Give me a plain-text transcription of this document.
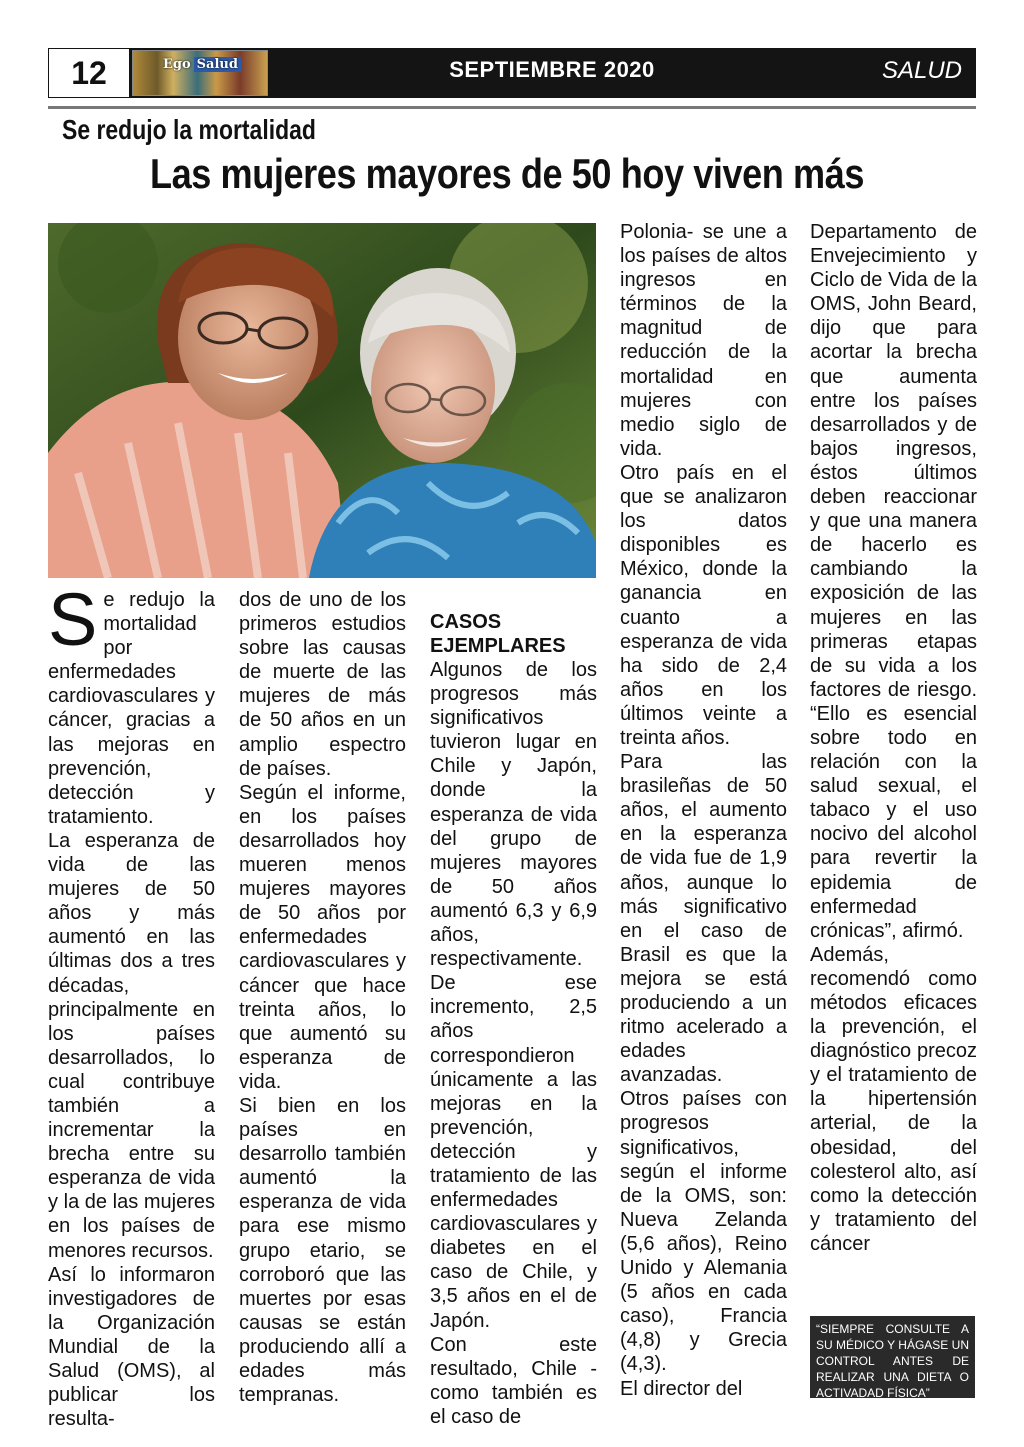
12	Ego Salud	SEPTIEMBRE 2020	SALUD
Se redujo la mortalidad
Las mujeres mayores de 50 hoy viven más

Se redujo la mortalidad por enfermedades cardiovasculares y cáncer, gracias a las mejoras en prevención, detección y tratamiento.

La esperanza de vida de las mujeres de 50 años y más aumentó en las últimas dos a tres décadas, principalmente en los países desarrollados, lo cual contribuye también a incrementar la brecha entre su esperanza de vida y la de las mujeres en los países de menores recursos.

Así lo informaron investigadores de la Organización Mundial de la Salud (OMS), al publicar los resulta-

dos de uno de los primeros estudios sobre las causas de muerte de las mujeres de más de 50 años en un amplio espectro de países.

Según el informe, en los países desarrollados hoy mueren menos mujeres mayores de 50 años por enfermedades cardiovasculares y cáncer que hace treinta años, lo que aumentó su esperanza de vida.

Si bien en los países en desarrollo también aumentó la esperanza de vida para ese mismo grupo etario, se corroboró que las muertes por esas causas se están produciendo allí a edades más tempranas.

CASOS EJEMPLARES

Algunos de los progresos más significativos tuvieron lugar en Chile y Japón, donde la esperanza de vida del grupo de mujeres mayores de 50 años aumentó 6,3 y 6,9 años, respectivamente.

De ese incremento, 2,5 años correspondieron únicamente a las mejoras en la prevención, detección y tratamiento de las enfermedades cardiovasculares y diabetes en el caso de Chile, y 3,5 años en el de Japón.

Con este resultado, Chile -como también es el caso de

Polonia- se une a los países de altos ingresos en términos de la magnitud de reducción de la mortalidad en mujeres con medio siglo de vida.

Otro país en el que se analizaron los datos disponibles es México, donde la ganancia en cuanto a esperanza de vida ha sido de 2,4 años en los últimos veinte a treinta años.

Para las brasileñas de 50 años, el aumento en la esperanza de vida fue de 1,9 años, aunque lo más significativo en el caso de Brasil es que la mejora se está produciendo a un ritmo acelerado a edades avanzadas.

Otros países con progresos significativos, según el informe de la OMS, son: Nueva Zelanda (5,6 años), Reino Unido y Alemania (5 años en cada caso), Francia (4,8) y Grecia (4,3).

El director del

Departamento de Envejecimiento y Ciclo de Vida de la OMS, John Beard, dijo que para acortar la brecha que aumenta entre los países desarrollados y de bajos ingresos, éstos últimos deben reaccionar y que una manera de hacerlo es cambiando la exposición de las mujeres en las primeras etapas de su vida a los factores de riesgo. “Ello es esencial sobre todo en relación con la salud sexual, el tabaco y el uso nocivo del alcohol para revertir la epidemia de enfermedad crónicas”, afirmó.

Además, recomendó como métodos eficaces la prevención, el diagnóstico precoz y el tratamiento de la hipertensión arterial, de la obesidad, del colesterol alto, así como la detección y tratamiento del cáncer

“SIEMPRE CONSULTE A SU MÉDICO Y HÁGASE UN CONTROL ANTES DE REALIZAR UNA DIETA O ACTIVADAD FÍSICA”
